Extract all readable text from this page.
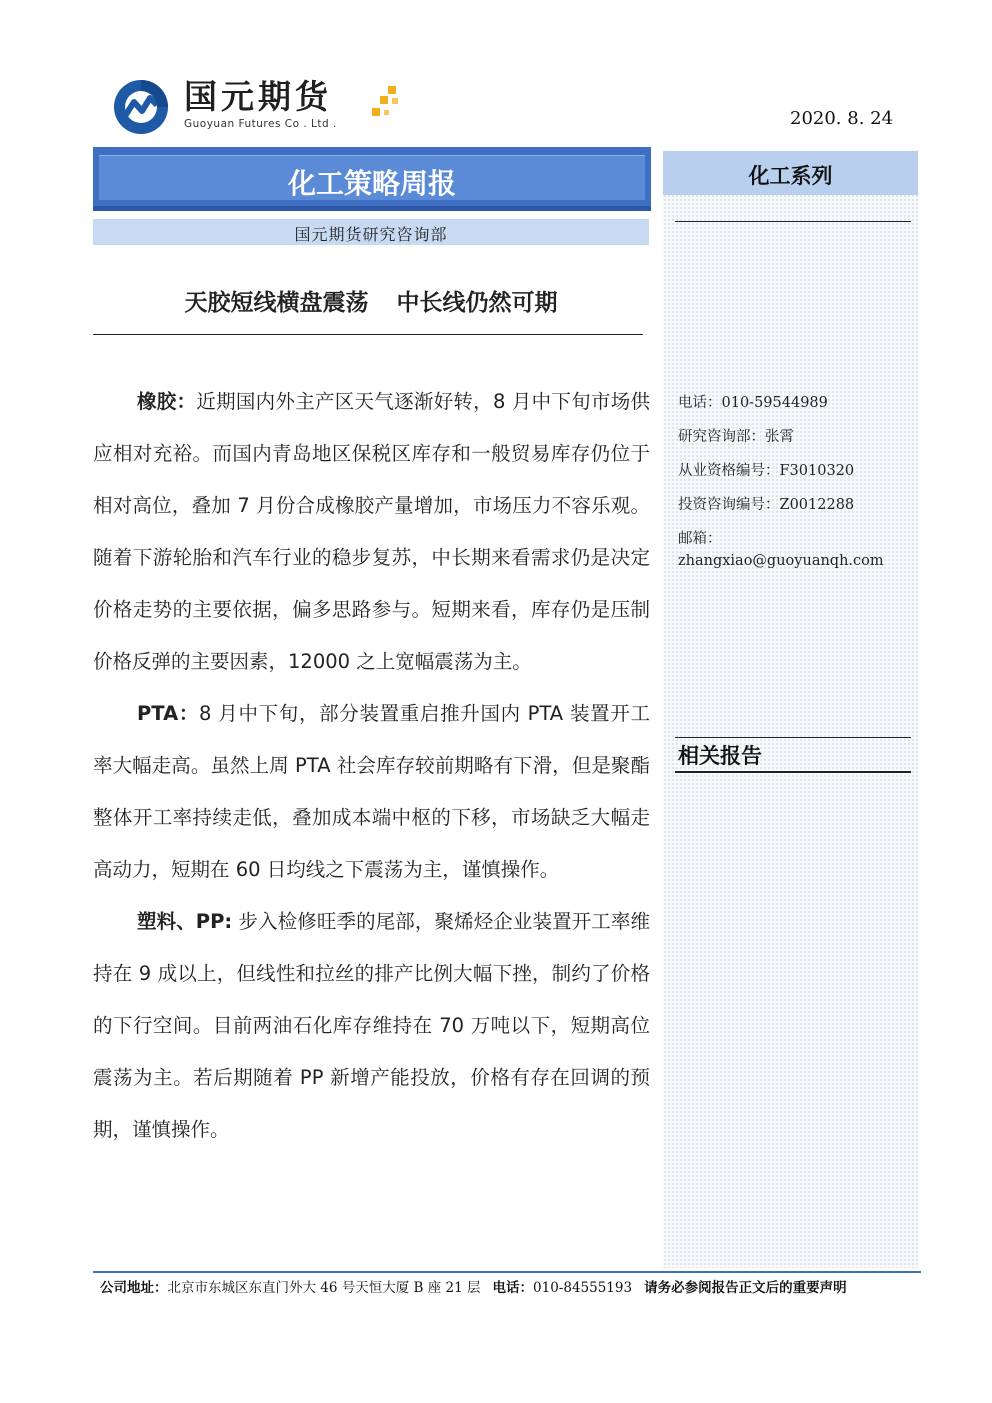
国元期货
Guoyuan Futures Co . Ltd .	2020. 8. 24
化工策略周报
国元期货研究咨询部
天胶短线横盘震荡 中长线仍然可期

橡胶：近期国内外主产区天气逐渐好转，8 月中下旬市场供应相对充裕。而国内青岛地区保税区库存和一般贸易库存仍位于相对高位，叠加 7 月份合成橡胶产量增加，市场压力不容乐观。随着下游轮胎和汽车行业的稳步复苏，中长期来看需求仍是决定价格走势的主要依据，偏多思路参与。短期来看，库存仍是压制价格反弹的主要因素，12000 之上宽幅震荡为主。

PTA：8 月中下旬，部分装置重启推升国内 PTA 装置开工率大幅走高。虽然上周 PTA 社会库存较前期略有下滑，但是聚酯整体开工率持续走低，叠加成本端中枢的下移，市场缺乏大幅走高动力，短期在 60 日均线之下震荡为主，谨慎操作。

塑料、PP: 步入检修旺季的尾部，聚烯烃企业装置开工率维持在 9 成以上，但线性和拉丝的排产比例大幅下挫，制约了价格的下行空间。目前两油石化库存维持在 70 万吨以下，短期高位震荡为主。若后期随着 PP 新增产能投放，价格有存在回调的预期，谨慎操作。

化工系列
电话：010-59544989
研究咨询部：张霄
从业资格编号：F3010320
投资咨询编号：Z0012288
邮箱：
zhangxiao@guoyuanqh.com
相关报告
公司地址：北京市东城区东直门外大 46 号天恒大厦 B 座 21 层 电话：010-84555193 请务必参阅报告正文后的重要声明
